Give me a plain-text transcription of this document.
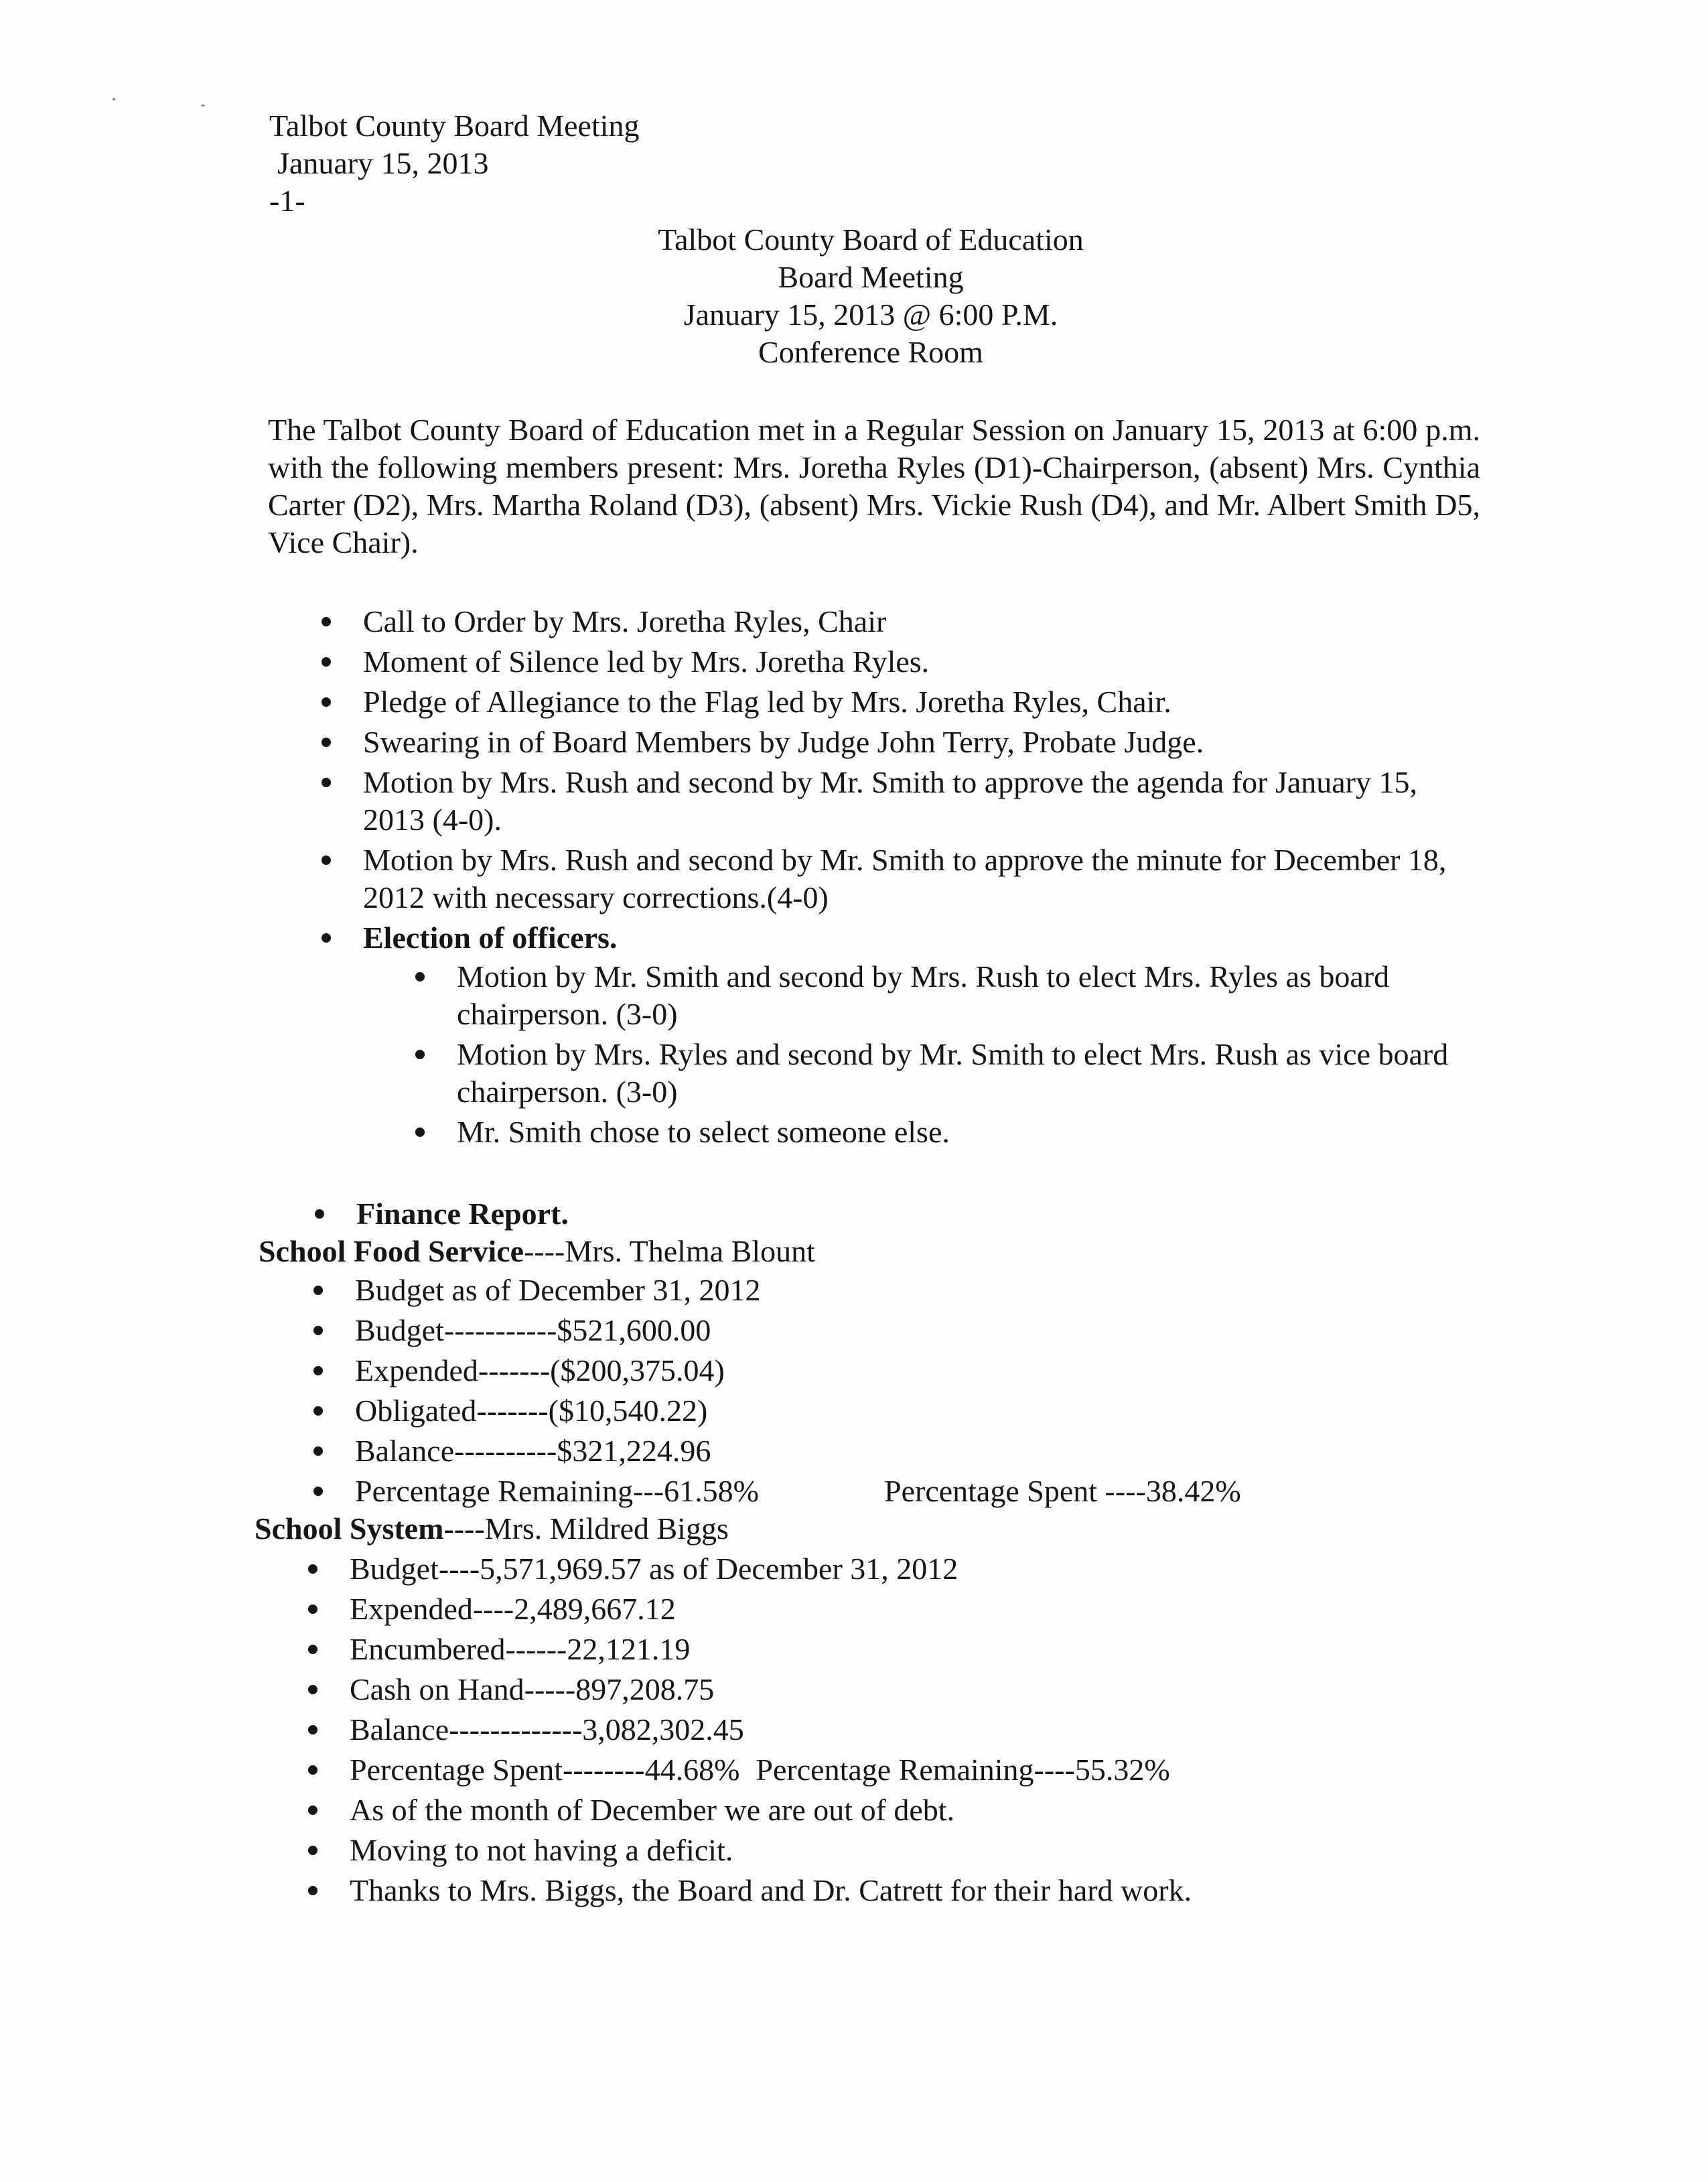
Talbot County Board Meeting
January 15, 2013
-1-
Talbot County Board of Education
Board Meeting
January 15, 2013 @ 6:00 P.M.
Conference Room
The Talbot County Board of Education met in a Regular Session on January 15, 2013 at 6:00 p.m. with the following members present: Mrs. Joretha Ryles (D1)-Chairperson, (absent) Mrs. Cynthia Carter (D2), Mrs. Martha Roland (D3), (absent) Mrs. Vickie Rush (D4), and Mr. Albert Smith D5, Vice Chair).
Call to Order by Mrs. Joretha Ryles, Chair
Moment of Silence led by Mrs. Joretha Ryles.
Pledge of Allegiance to the Flag led by Mrs. Joretha Ryles, Chair.
Swearing in of Board Members by Judge John Terry, Probate Judge.
Motion by Mrs. Rush and second by Mr. Smith to approve the agenda for January 15, 2013 (4-0).
Motion by Mrs. Rush and second by Mr. Smith to approve the minute for December 18, 2012 with necessary corrections.(4-0)
Election of officers.
Motion by Mr. Smith and second by Mrs. Rush to elect Mrs. Ryles as board chairperson. (3-0)
Motion by Mrs. Ryles and second by Mr. Smith to elect Mrs. Rush as vice board chairperson. (3-0)
Mr. Smith chose to select someone else.
Finance Report.
School Food Service----Mrs. Thelma Blount
Budget as of December 31, 2012
Budget-----------$521,600.00
Expended-------($200,375.04)
Obligated-------($10,540.22)
Balance----------$321,224.96
Percentage Remaining---61.58%	Percentage Spent ----38.42%
School System----Mrs. Mildred Biggs
Budget----5,571,969.57 as of December 31, 2012
Expended----2,489,667.12
Encumbered------22,121.19
Cash on Hand-----897,208.75
Balance-------------3,082,302.45
Percentage Spent--------44.68% Percentage Remaining----55.32%
As of the month of December we are out of debt.
Moving to not having a deficit.
Thanks to Mrs. Biggs, the Board and Dr. Catrett for their hard work.
